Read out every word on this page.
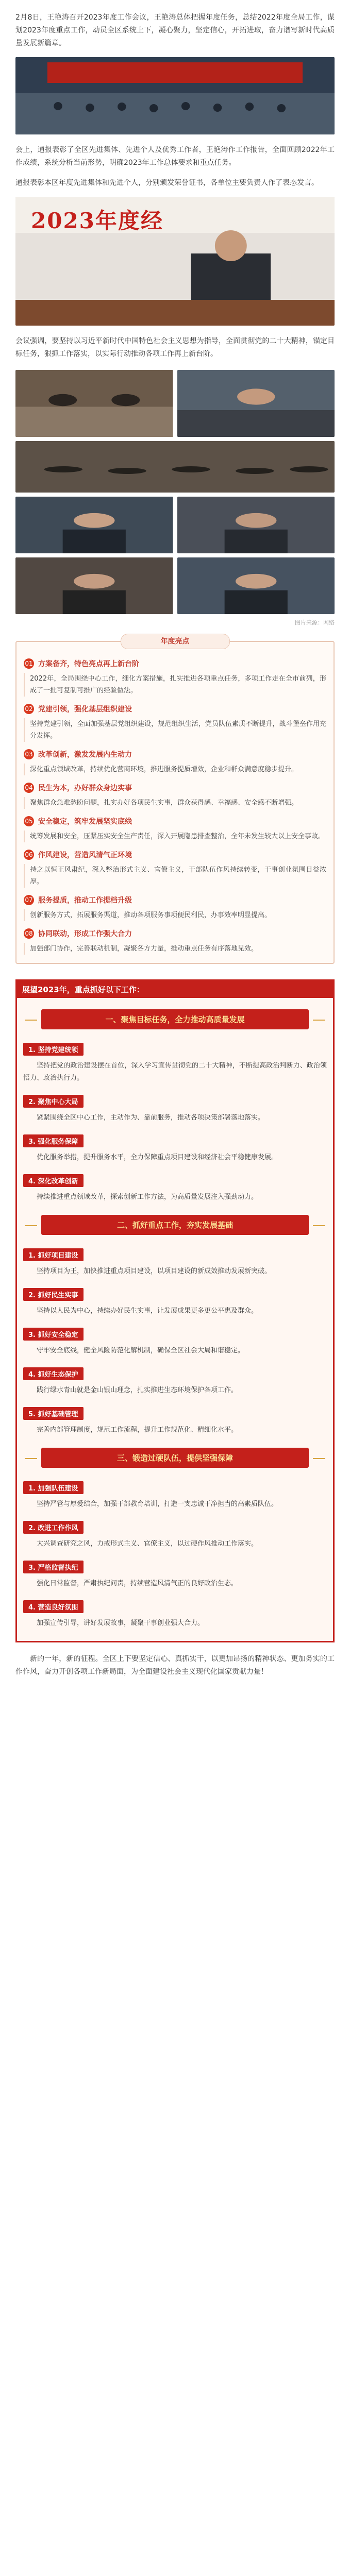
2月8日，王艳涛召开2023年度工作会议，王艳涛总体把握年度任务，总结2022年度全局工作，谋划2023年度重点工作，动员全区系统上下，凝心聚力，坚定信心，开拓进取，奋力谱写新时代高质量发展新篇章。

会上，通报表彰了全区先进集体、先进个人及优秀工作者，王艳涛作工作报告，全面回顾2022年工作成绩，系统分析当前形势，明确2023年工作总体要求和重点任务。

通报表彰本区年度先进集体和先进个人，分别颁发荣誉证书，各单位主要负责人作了表态发言。

2023年度经

会议强调，要坚持以习近平新时代中国特色社会主义思想为指导，全面贯彻党的二十大精神，锚定目标任务，狠抓工作落实，以实际行动推动各项工作再上新台阶。

图片来源：网络
年度亮点
01 方案备齐，特色亮点再上新台阶

2022年，全局围绕中心工作，细化方案措施，扎实推进各项重点任务，多项工作走在全市前列，形成了一批可复制可推广的经验做法。

02 党建引领，强化基层组织建设

坚持党建引领，全面加强基层党组织建设，规范组织生活，党员队伍素质不断提升，战斗堡垒作用充分发挥。

03 改革创新，激发发展内生动力

深化重点领域改革，持续优化营商环境，推进服务提质增效，企业和群众满意度稳步提升。

04 民生为本，办好群众身边实事

聚焦群众急难愁盼问题，扎实办好各项民生实事，群众获得感、幸福感、安全感不断增强。

05 安全稳定，筑牢发展坚实底线

统筹发展和安全，压紧压实安全生产责任，深入开展隐患排查整治，全年未发生较大以上安全事故。

06 作风建设，营造风清气正环境

持之以恒正风肃纪，深入整治形式主义、官僚主义，干部队伍作风持续转变，干事创业氛围日益浓厚。

07 服务提质，推动工作提档升级

创新服务方式，拓展服务渠道，推动各项服务事项便民利民，办事效率明显提高。

08 协同联动，形成工作强大合力

加强部门协作，完善联动机制，凝聚各方力量，推动重点任务有序落地见效。

展望2023年，重点抓好以下工作：
一、聚焦目标任务，全力推动高质量发展
1. 坚持党建统领

坚持把党的政治建设摆在首位，深入学习宣传贯彻党的二十大精神，不断提高政治判断力、政治领悟力、政治执行力。

2. 聚焦中心大局

紧紧围绕全区中心工作，主动作为、靠前服务，推动各项决策部署落地落实。

3. 强化服务保障

优化服务举措，提升服务水平，全力保障重点项目建设和经济社会平稳健康发展。

4. 深化改革创新

持续推进重点领域改革，探索创新工作方法，为高质量发展注入强劲动力。

二、抓好重点工作，夯实发展基础
1. 抓好项目建设

坚持项目为王，加快推进重点项目建设，以项目建设的新成效推动发展新突破。

2. 抓好民生实事

坚持以人民为中心，持续办好民生实事，让发展成果更多更公平惠及群众。

3. 抓好安全稳定

守牢安全底线，健全风险防范化解机制，确保全区社会大局和谐稳定。

4. 抓好生态保护

践行绿水青山就是金山银山理念，扎实推进生态环境保护各项工作。

5. 抓好基础管理

完善内部管理制度，规范工作流程，提升工作规范化、精细化水平。

三、锻造过硬队伍，提供坚强保障
1. 加强队伍建设

坚持严管与厚爱结合，加强干部教育培训，打造一支忠诚干净担当的高素质队伍。

2. 改进工作作风

大兴调查研究之风，力戒形式主义、官僚主义，以过硬作风推动工作落实。

3. 严格监督执纪

强化日常监督，严肃执纪问责，持续营造风清气正的良好政治生态。

4. 营造良好氛围

加强宣传引导，讲好发展故事，凝聚干事创业强大合力。

新的一年，新的征程。全区上下要坚定信心、真抓实干，以更加昂扬的精神状态、更加务实的工作作风，奋力开创各项工作新局面，为全面建设社会主义现代化国家贡献力量！
